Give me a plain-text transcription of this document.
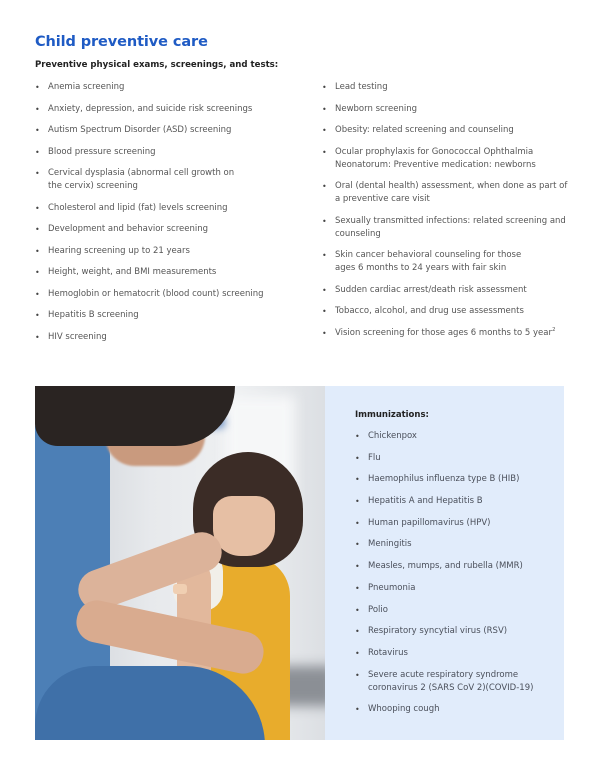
Child preventive care
Preventive physical exams, screenings, and tests:
• Anemia screening
• Anxiety, depression, and suicide risk screenings
• Autism Spectrum Disorder (ASD) screening
• Blood pressure screening
• Cervical dysplasia (abnormal cell growth on the cervix) screening
• Cholesterol and lipid (fat) levels screening
• Development and behavior screening
• Hearing screening up to 21 years
• Height, weight, and BMI measurements
• Hemoglobin or hematocrit (blood count) screening
• Hepatitis B screening
• HIV screening
• Lead testing
• Newborn screening
• Obesity: related screening and counseling
• Ocular prophylaxis for Gonococcal Ophthalmia Neonatorum: Preventive medication: newborns
• Oral (dental health) assessment, when done as part of a preventive care visit
• Sexually transmitted infections: related screening and counseling
• Skin cancer behavioral counseling for those ages 6 months to 24 years with fair skin
• Sudden cardiac arrest/death risk assessment
• Tobacco, alcohol, and drug use assessments
• Vision screening for those ages 6 months to 5 year$^2$
Immunizations:
• Chickenpox
• Flu
• Haemophilus influenza type B (HIB)
• Hepatitis A and Hepatitis B
• Human papillomavirus (HPV)
• Meningitis
• Measles, mumps, and rubella (MMR)
• Pneumonia
• Polio
• Respiratory syncytial virus (RSV)
• Rotavirus
• Severe acute respiratory syndrome coronavirus 2 (SARS CoV 2)(COVID-19)
• Whooping cough
